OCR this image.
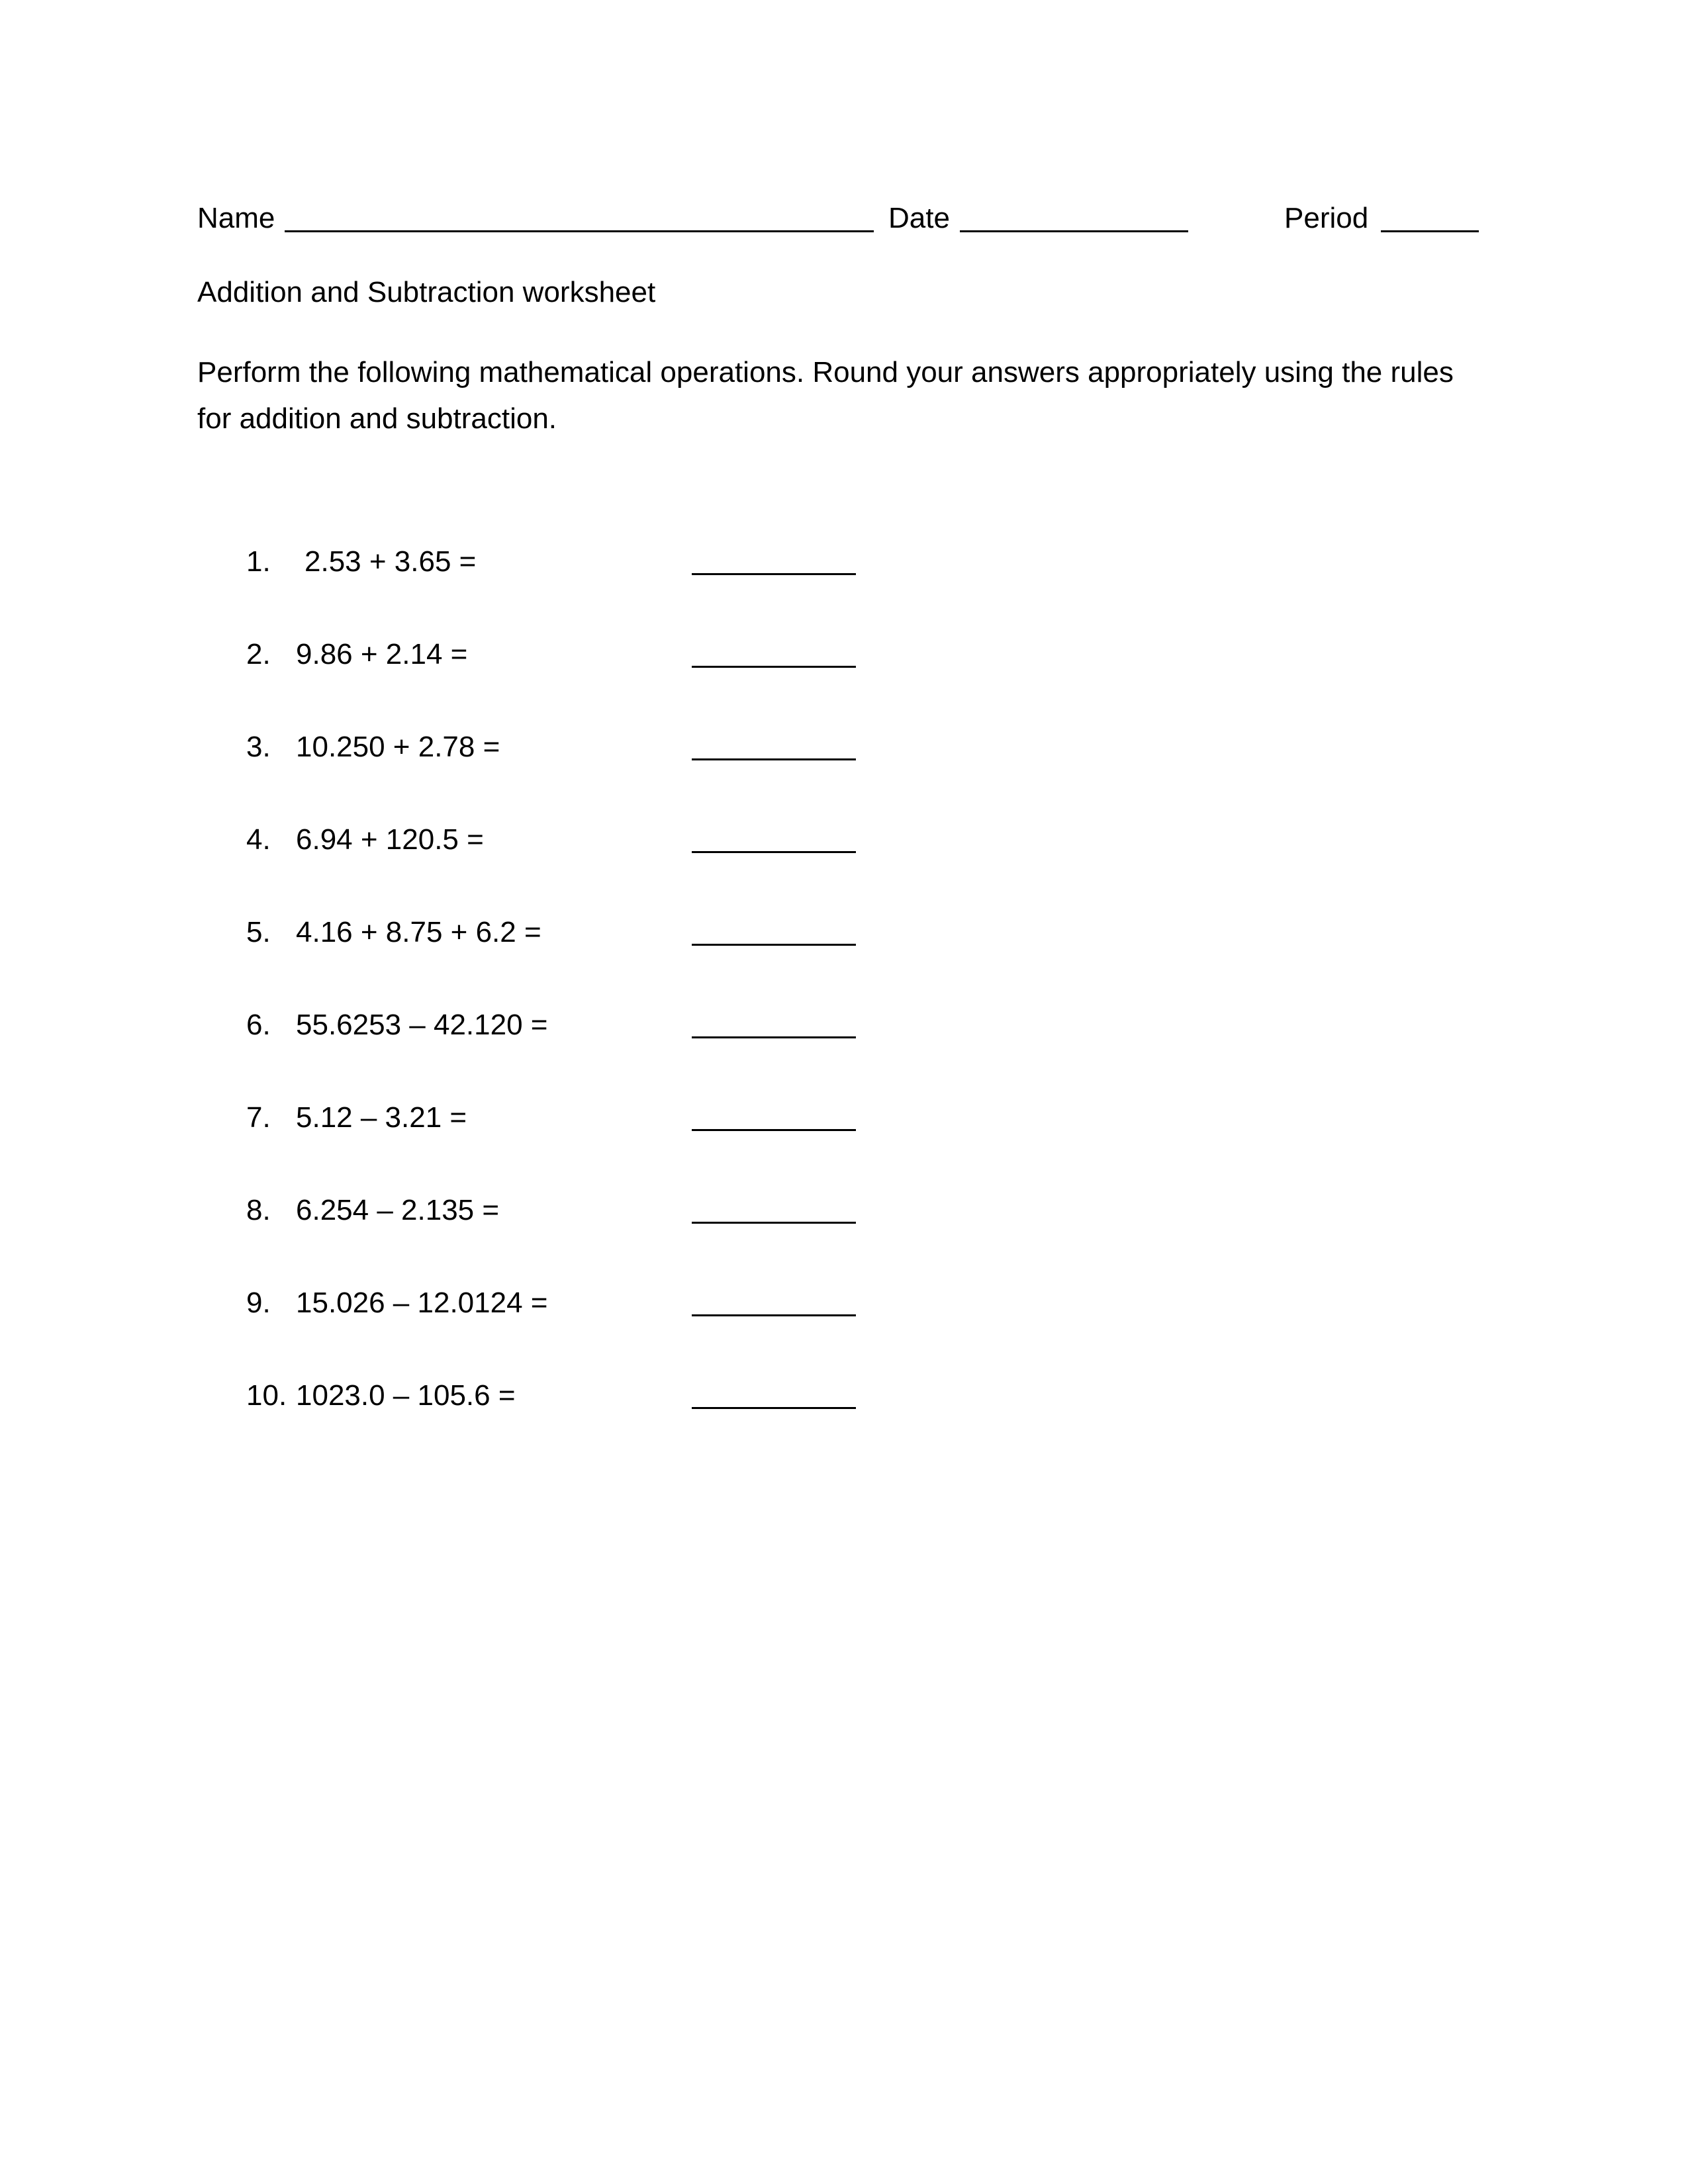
Name	Date	Period
Addition and Subtraction worksheet
Perform the following mathematical operations. Round your answers appropriately using the rules for addition and subtraction.
1. 2.53 + 3.65 =
2. 9.86 + 2.14 =
3. 10.250 + 2.78 =
4. 6.94 + 120.5 =
5. 4.16 + 8.75 + 6.2 =
6. 55.6253 – 42.120 =
7. 5.12 – 3.21 =
8. 6.254 – 2.135 =
9. 15.026 – 12.0124 =
10. 1023.0 – 105.6 =
